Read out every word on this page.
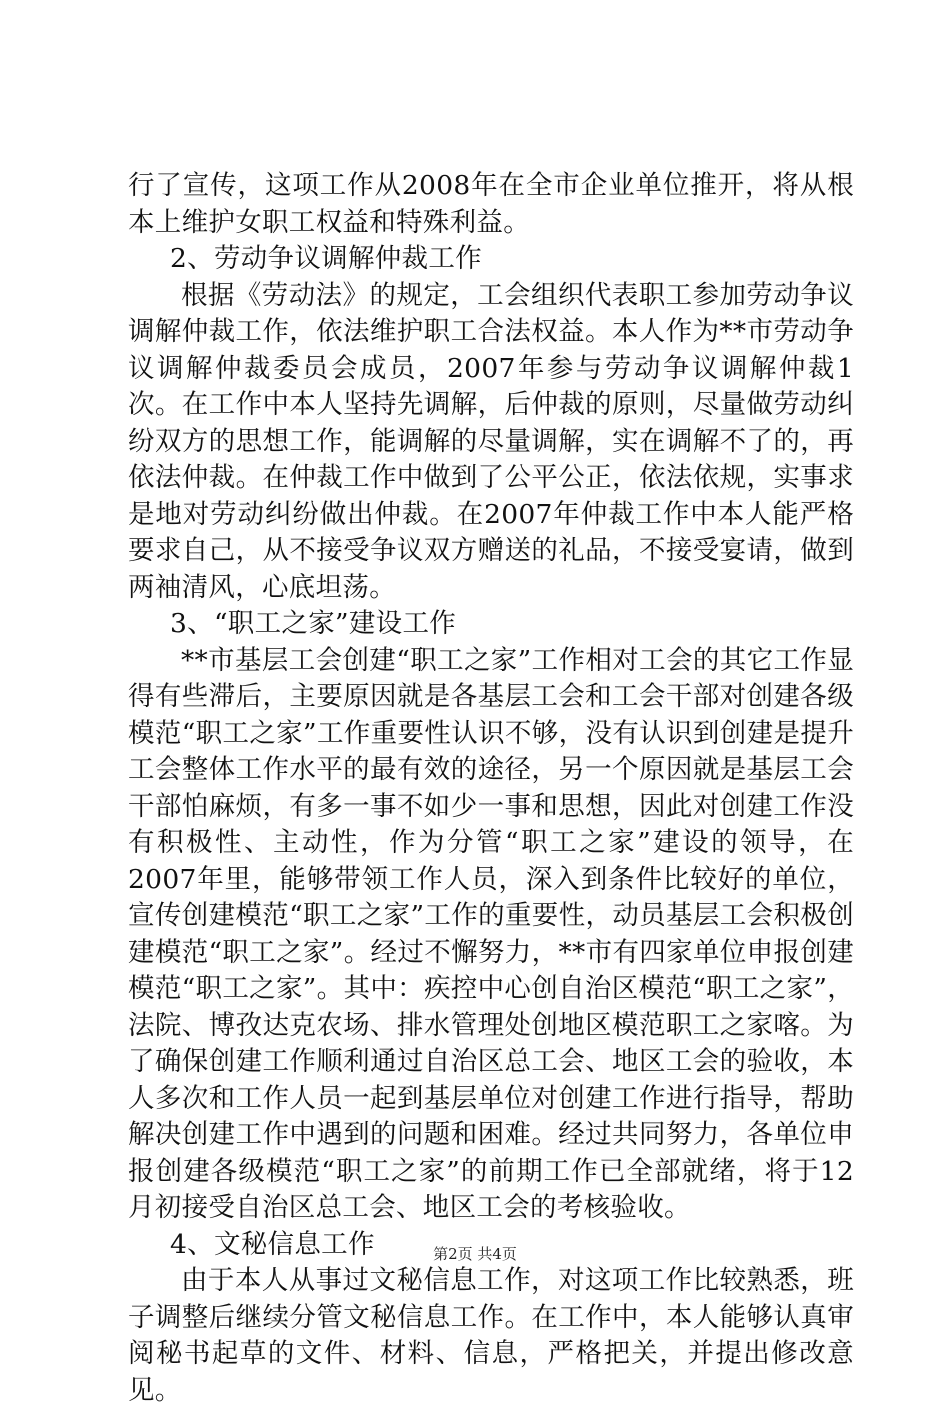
行了宣传，这项工作从2008年在全市企业单位推开，将从根本上维护女职工权益和特殊利益。

2、劳动争议调解仲裁工作

根据《劳动法》的规定，工会组织代表职工参加劳动争议调解仲裁工作，依法维护职工合法权益。本人作为**市劳动争议调解仲裁委员会成员，2007年参与劳动争议调解仲裁1次。在工作中本人坚持先调解，后仲裁的原则，尽量做劳动纠纷双方的思想工作，能调解的尽量调解，实在调解不了的，再依法仲裁。在仲裁工作中做到了公平公正，依法依规，实事求是地对劳动纠纷做出仲裁。在2007年仲裁工作中本人能严格要求自己，从不接受争议双方赠送的礼品，不接受宴请，做到两袖清风，心底坦荡。

3、“职工之家”建设工作

**市基层工会创建“职工之家”工作相对工会的其它工作显得有些滞后，主要原因就是各基层工会和工会干部对创建各级模范“职工之家”工作重要性认识不够，没有认识到创建是提升工会整体工作水平的最有效的途径，另一个原因就是基层工会干部怕麻烦，有多一事不如少一事和思想，因此对创建工作没有积极性、主动性，作为分管“职工之家”建设的领导，在2007年里，能够带领工作人员，深入到条件比较好的单位，宣传创建模范“职工之家”工作的重要性，动员基层工会积极创建模范“职工之家”。经过不懈努力，**市有四家单位申报创建模范“职工之家”。其中：疾控中心创自治区模范“职工之家”，法院、博孜达克农场、排水管理处创地区模范职工之家喀。为了确保创建工作顺利通过自治区总工会、地区工会的验收，本人多次和工作人员一起到基层单位对创建工作进行指导，帮助解决创建工作中遇到的问题和困难。经过共同努力，各单位申报创建各级模范“职工之家”的前期工作已全部就绪，将于12月初接受自治区总工会、地区工会的考核验收。

4、文秘信息工作

由于本人从事过文秘信息工作，对这项工作比较熟悉，班子调整后继续分管文秘信息工作。在工作中，本人能够认真审阅秘书起草的文件、材料、信息，严格把关，并提出修改意见。

第2页 共4页
